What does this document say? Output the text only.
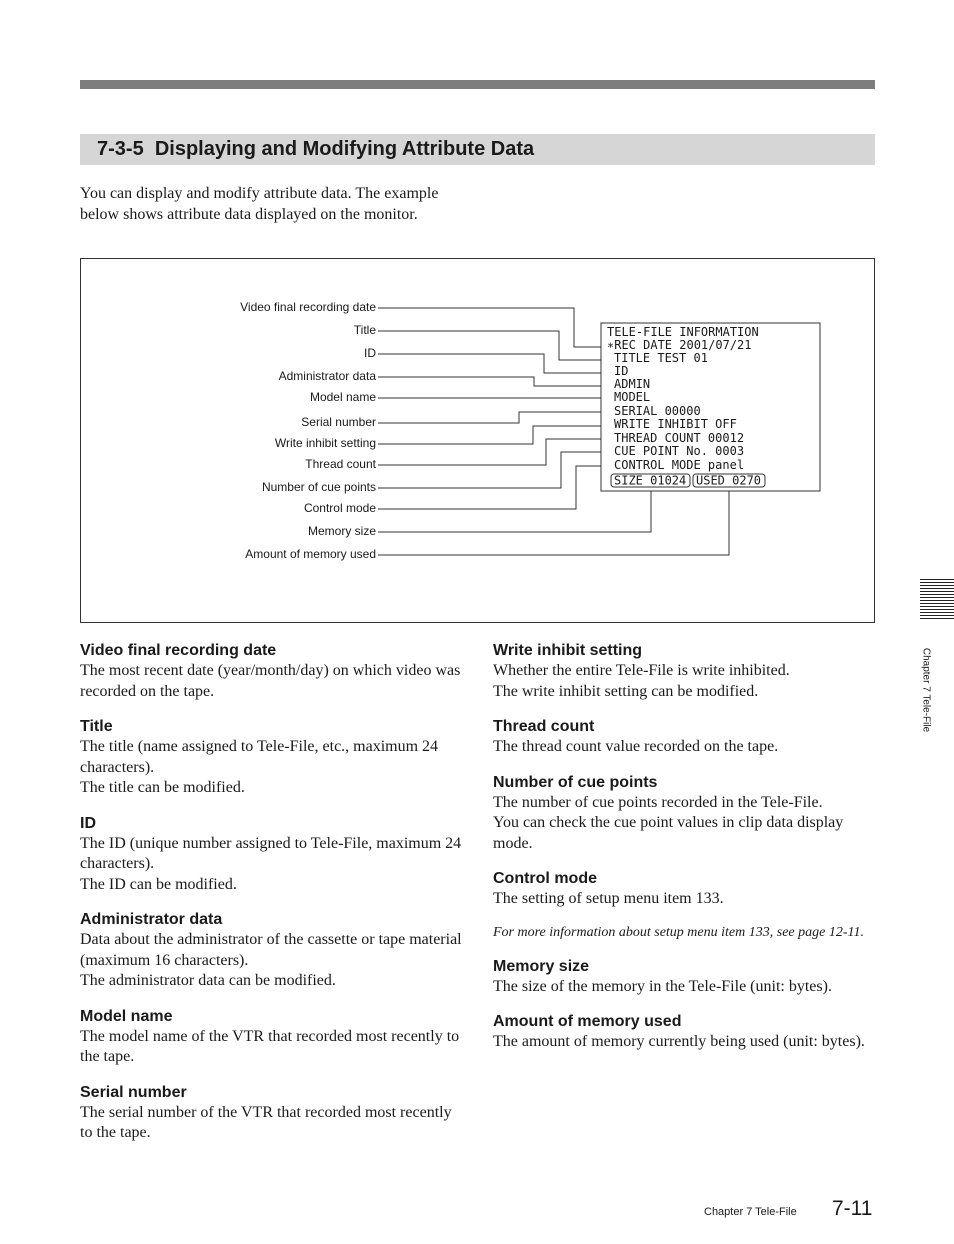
7-3-5 Displaying and Modifying Attribute Data

You can display and modify attribute data. The example below shows attribute data displayed on the monitor.

Video final recording date
Title
ID
Administrator data
Model name
Serial number
Write inhibit setting
Thread count
Number of cue points
Control mode
Memory size
Amount of memory used
TELE-FILE INFORMATION
∗REC DATE 2001/07/21
TITLE TEST 01
ID
ADMIN
MODEL
SERIAL 00000
WRITE INHIBIT OFF
THREAD COUNT 00012
CUE POINT No. 0003
CONTROL MODE panel
SIZE 01024 USED 0270
Video final recording date

The most recent date (year/month/day) on which video was recorded on the tape.

Title

The title (name assigned to Tele-File, etc., maximum 24 characters).

The title can be modified.

ID

The ID (unique number assigned to Tele-File, maximum 24 characters).

The ID can be modified.

Administrator data

Data about the administrator of the cassette or tape material (maximum 16 characters).

The administrator data can be modified.

Model name

The model name of the VTR that recorded most recently to the tape.

Serial number

The serial number of the VTR that recorded most recently to the tape.

Write inhibit setting

Whether the entire Tele-File is write inhibited.

The write inhibit setting can be modified.

Thread count

The thread count value recorded on the tape.

Number of cue points

The number of cue points recorded in the Tele-File.

You can check the cue point values in clip data display mode.

Control mode

The setting of setup menu item 133.

For more information about setup menu item 133, see page 12-11.

Memory size

The size of the memory in the Tele-File (unit: bytes).

Amount of memory used

The amount of memory currently being used (unit: bytes).

Chapter 7 Tele-File
Chapter 7 Tele-File 7-11
